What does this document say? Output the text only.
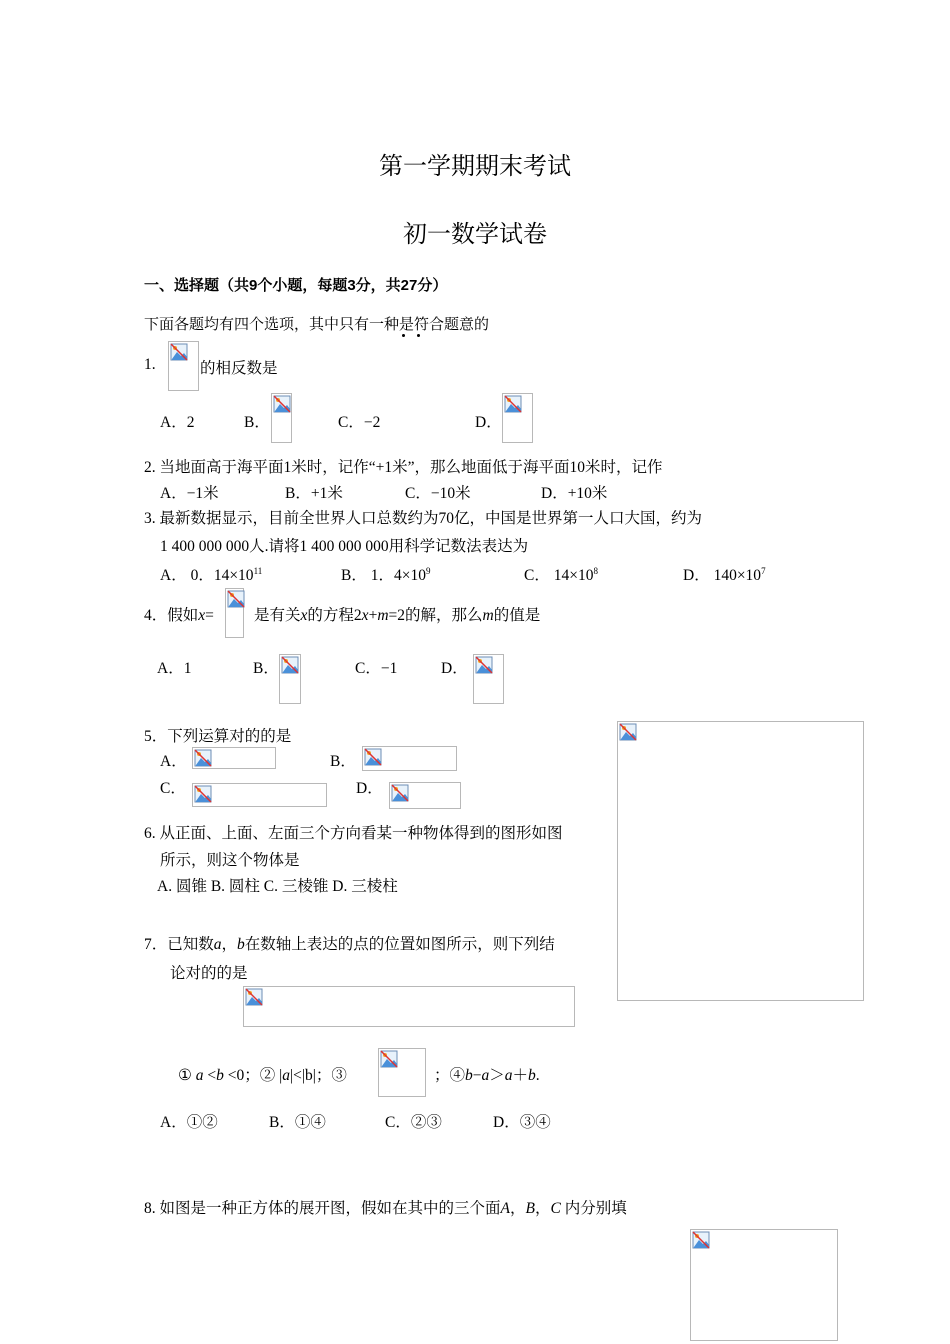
第一学期期末考试
初一数学试卷
一、选择题（共9个小题，每题3分，共27分）
下面各题均有四个选项，其中只有一种是符合题意的
1.	的相反数是
A．2	B．	C．−2	D．
2. 当地面高于海平面1米时，记作“+1米”，那么地面低于海平面10米时，记作
A．−1米	B．+1米	C．−10米	D．+10米
3. 最新数据显示，目前全世界人口总数约为70亿，中国是世界第一人口大国，约为
1 400 000 000人.请将1 400 000 000用科学记数法表达为
A． 0．$14\times 10^{11}$	B． 1．$4\times 10^9$	C． $14\times 10^8$	D． $140\times 10^7$
4．假如x=	是有关x的方程2x+m=2的解，那么m的值是
A．1	B．	C．−1	D．
5．下列运算对的的是
A．	B．
C．	D．
6. 从正面、上面、左面三个方向看某一种物体得到的图形如图
所示，则这个物体是
A. 圆锥 B. 圆柱 C. 三棱锥 D. 三棱柱
7．已知数a，b在数轴上表达的点的位置如图所示，则下列结
论对的的是
① a <b <0；② |a|<|b|；③	；④b−a＞a＋b.
A．①②	B．①④	C．②③	D．③④
8. 如图是一种正方体的展开图，假如在其中的三个面A，B，C 内分别填
